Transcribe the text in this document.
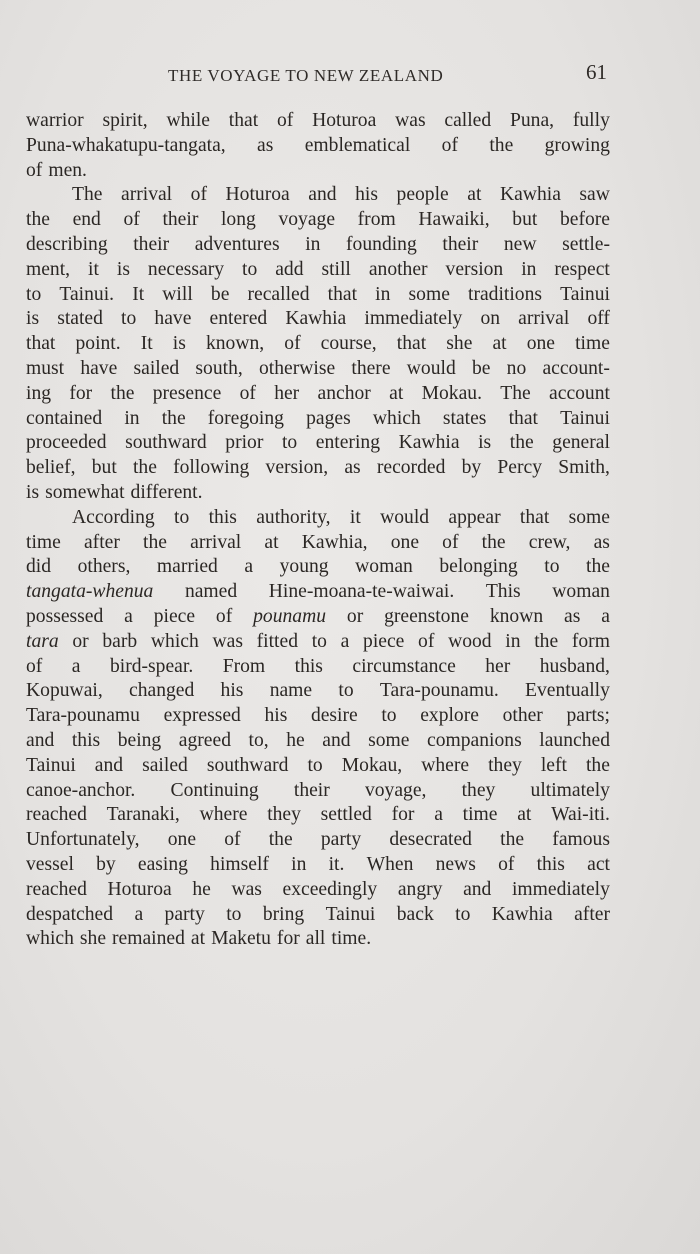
THE VOYAGE TO NEW ZEALAND	61
warrior spirit, while that of Hoturoa was called Puna, fully
Puna-whakatupu-tangata, as emblematical of the growing
of men.
The arrival of Hoturoa and his people at Kawhia saw
the end of their long voyage from Hawaiki, but before
describing their adventures in founding their new settle-
ment, it is necessary to add still another version in respect
to Tainui. It will be recalled that in some traditions Tainui
is stated to have entered Kawhia immediately on arrival off
that point. It is known, of course, that she at one time
must have sailed south, otherwise there would be no account-
ing for the presence of her anchor at Mokau. The account
contained in the foregoing pages which states that Tainui
proceeded southward prior to entering Kawhia is the general
belief, but the following version, as recorded by Percy Smith,
is somewhat different.
According to this authority, it would appear that some
time after the arrival at Kawhia, one of the crew, as
did others, married a young woman belonging to the
tangata-whenua named Hine-moana-te-waiwai. This woman
possessed a piece of pounamu or greenstone known as a
tara or barb which was fitted to a piece of wood in the form
of a bird-spear. From this circumstance her husband,
Kopuwai, changed his name to Tara-pounamu. Eventually
Tara-pounamu expressed his desire to explore other parts;
and this being agreed to, he and some companions launched
Tainui and sailed southward to Mokau, where they left the
canoe-anchor. Continuing their voyage, they ultimately
reached Taranaki, where they settled for a time at Wai-iti.
Unfortunately, one of the party desecrated the famous
vessel by easing himself in it. When news of this act
reached Hoturoa he was exceedingly angry and immediately
despatched a party to bring Tainui back to Kawhia after
which she remained at Maketu for all time.
